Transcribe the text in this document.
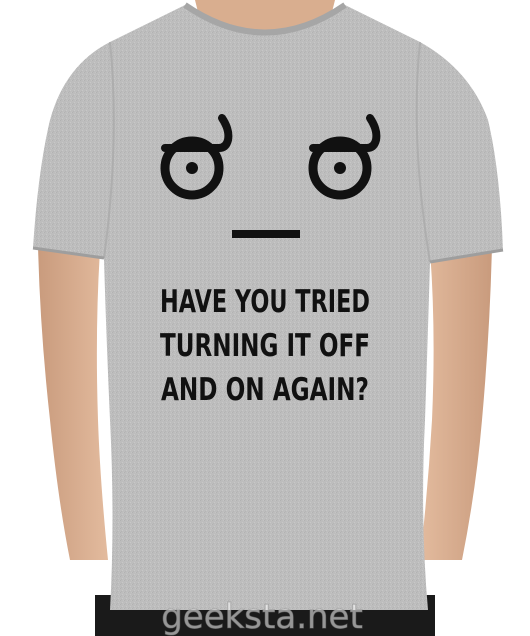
HAVE YOU TRIED
TURNING IT OFF
AND ON AGAIN?
geeksta.net
